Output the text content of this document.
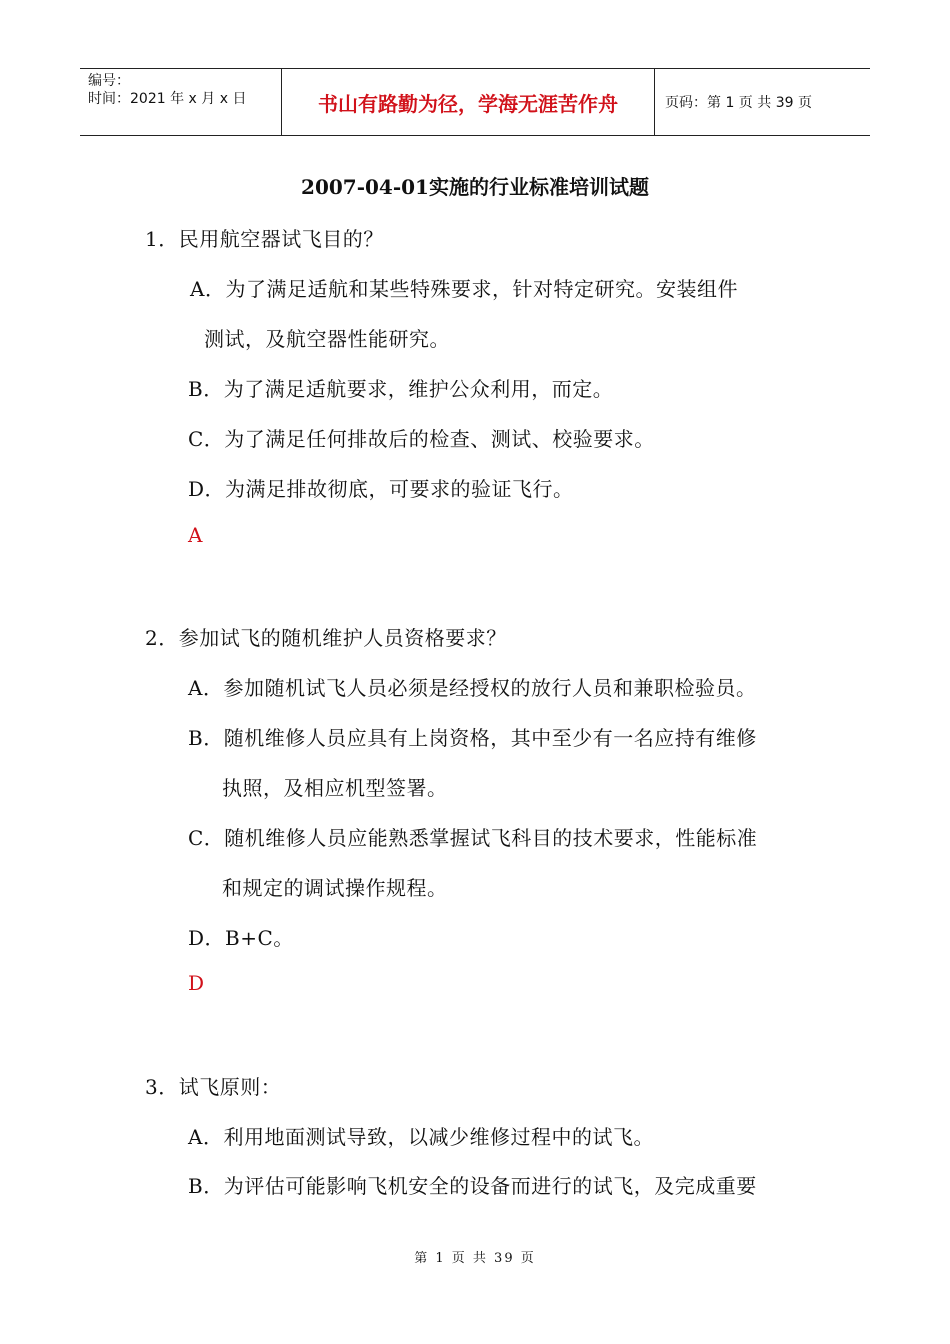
编号：
时间：2021 年 x 月 x 日	书山有路勤为径，学海无涯苦作舟	页码：第 1 页 共 39 页
2007-04-01实施的行业标准培训试题
1．民用航空器试飞目的？
A．为了满足适航和某些特殊要求，针对特定研究。安装组件
测试，及航空器性能研究。
B．为了满足适航要求，维护公众利用，而定。
C．为了满足任何排故后的检查、测试、校验要求。
D．为满足排故彻底，可要求的验证飞行。
A
2．参加试飞的随机维护人员资格要求？
A．参加随机试飞人员必须是经授权的放行人员和兼职检验员。
B．随机维修人员应具有上岗资格，其中至少有一名应持有维修
执照，及相应机型签署。
C．随机维修人员应能熟悉掌握试飞科目的技术要求，性能标准
和规定的调试操作规程。
D．B+C。
D
3．试飞原则：
A．利用地面测试导致，以减少维修过程中的试飞。
B．为评估可能影响飞机安全的设备而进行的试飞，及完成重要
第 1 页 共 39 页
